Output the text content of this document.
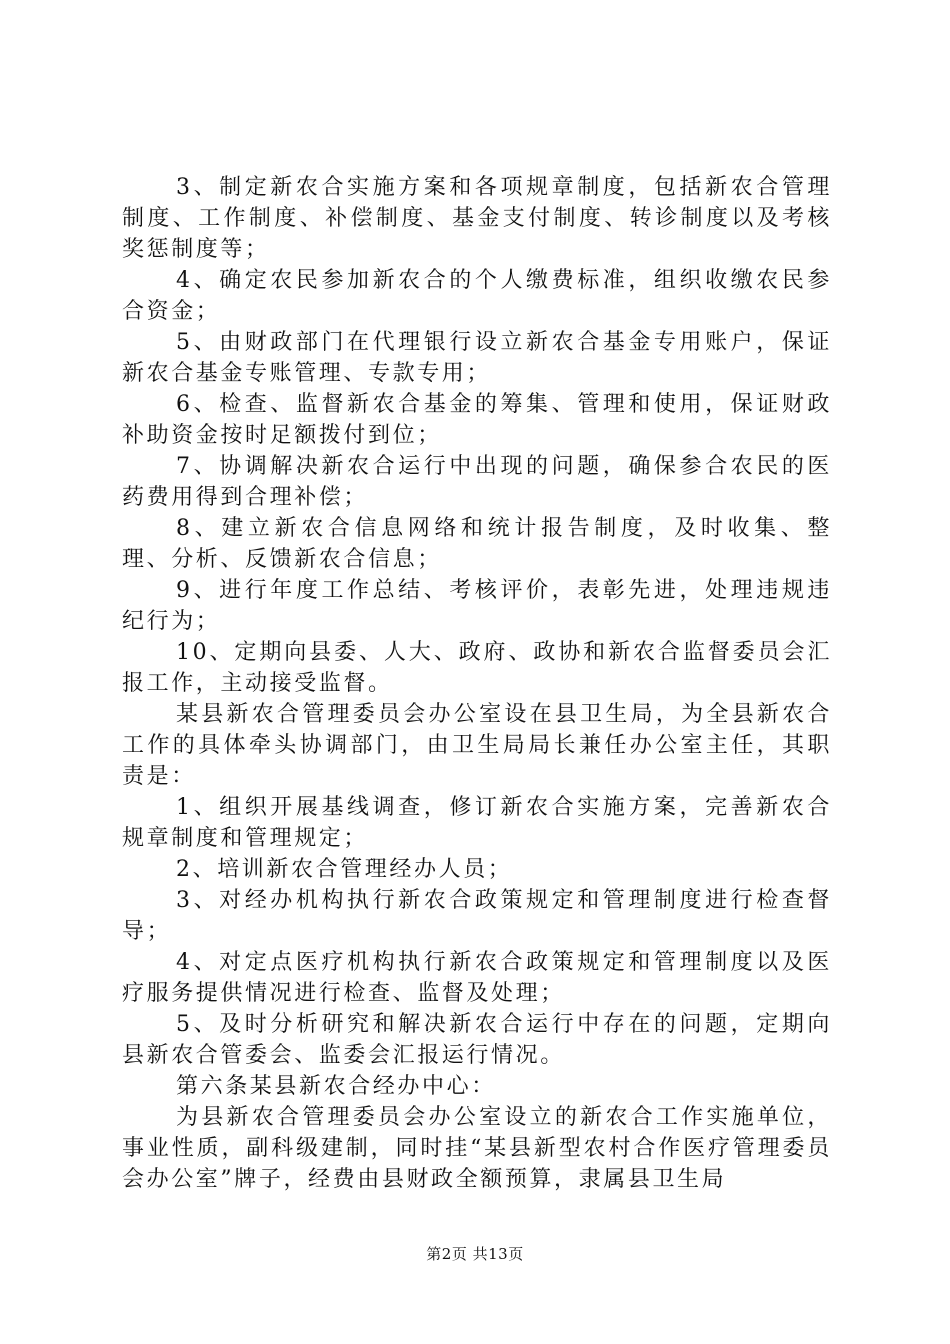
3、制定新农合实施方案和各项规章制度，包括新农合管理制度、工作制度、补偿制度、基金支付制度、转诊制度以及考核奖惩制度等；

4、确定农民参加新农合的个人缴费标准，组织收缴农民参合资金；

5、由财政部门在代理银行设立新农合基金专用账户，保证新农合基金专账管理、专款专用；

6、检查、监督新农合基金的筹集、管理和使用，保证财政补助资金按时足额拨付到位；

7、协调解决新农合运行中出现的问题，确保参合农民的医药费用得到合理补偿；

8、建立新农合信息网络和统计报告制度，及时收集、整理、分析、反馈新农合信息；

9、进行年度工作总结、考核评价，表彰先进，处理违规违纪行为；

10、定期向县委、人大、政府、政协和新农合监督委员会汇报工作，主动接受监督。

某县新农合管理委员会办公室设在县卫生局，为全县新农合工作的具体牵头协调部门，由卫生局局长兼任办公室主任，其职责是：

1、组织开展基线调查，修订新农合实施方案，完善新农合规章制度和管理规定；

2、培训新农合管理经办人员；

3、对经办机构执行新农合政策规定和管理制度进行检查督导；

4、对定点医疗机构执行新农合政策规定和管理制度以及医疗服务提供情况进行检查、监督及处理；

5、及时分析研究和解决新农合运行中存在的问题，定期向县新农合管委会、监委会汇报运行情况。

第六条某县新农合经办中心：

为县新农合管理委员会办公室设立的新农合工作实施单位，事业性质，副科级建制，同时挂“某县新型农村合作医疗管理委员会办公室”牌子，经费由县财政全额预算，隶属县卫生局

第2页 共13页
